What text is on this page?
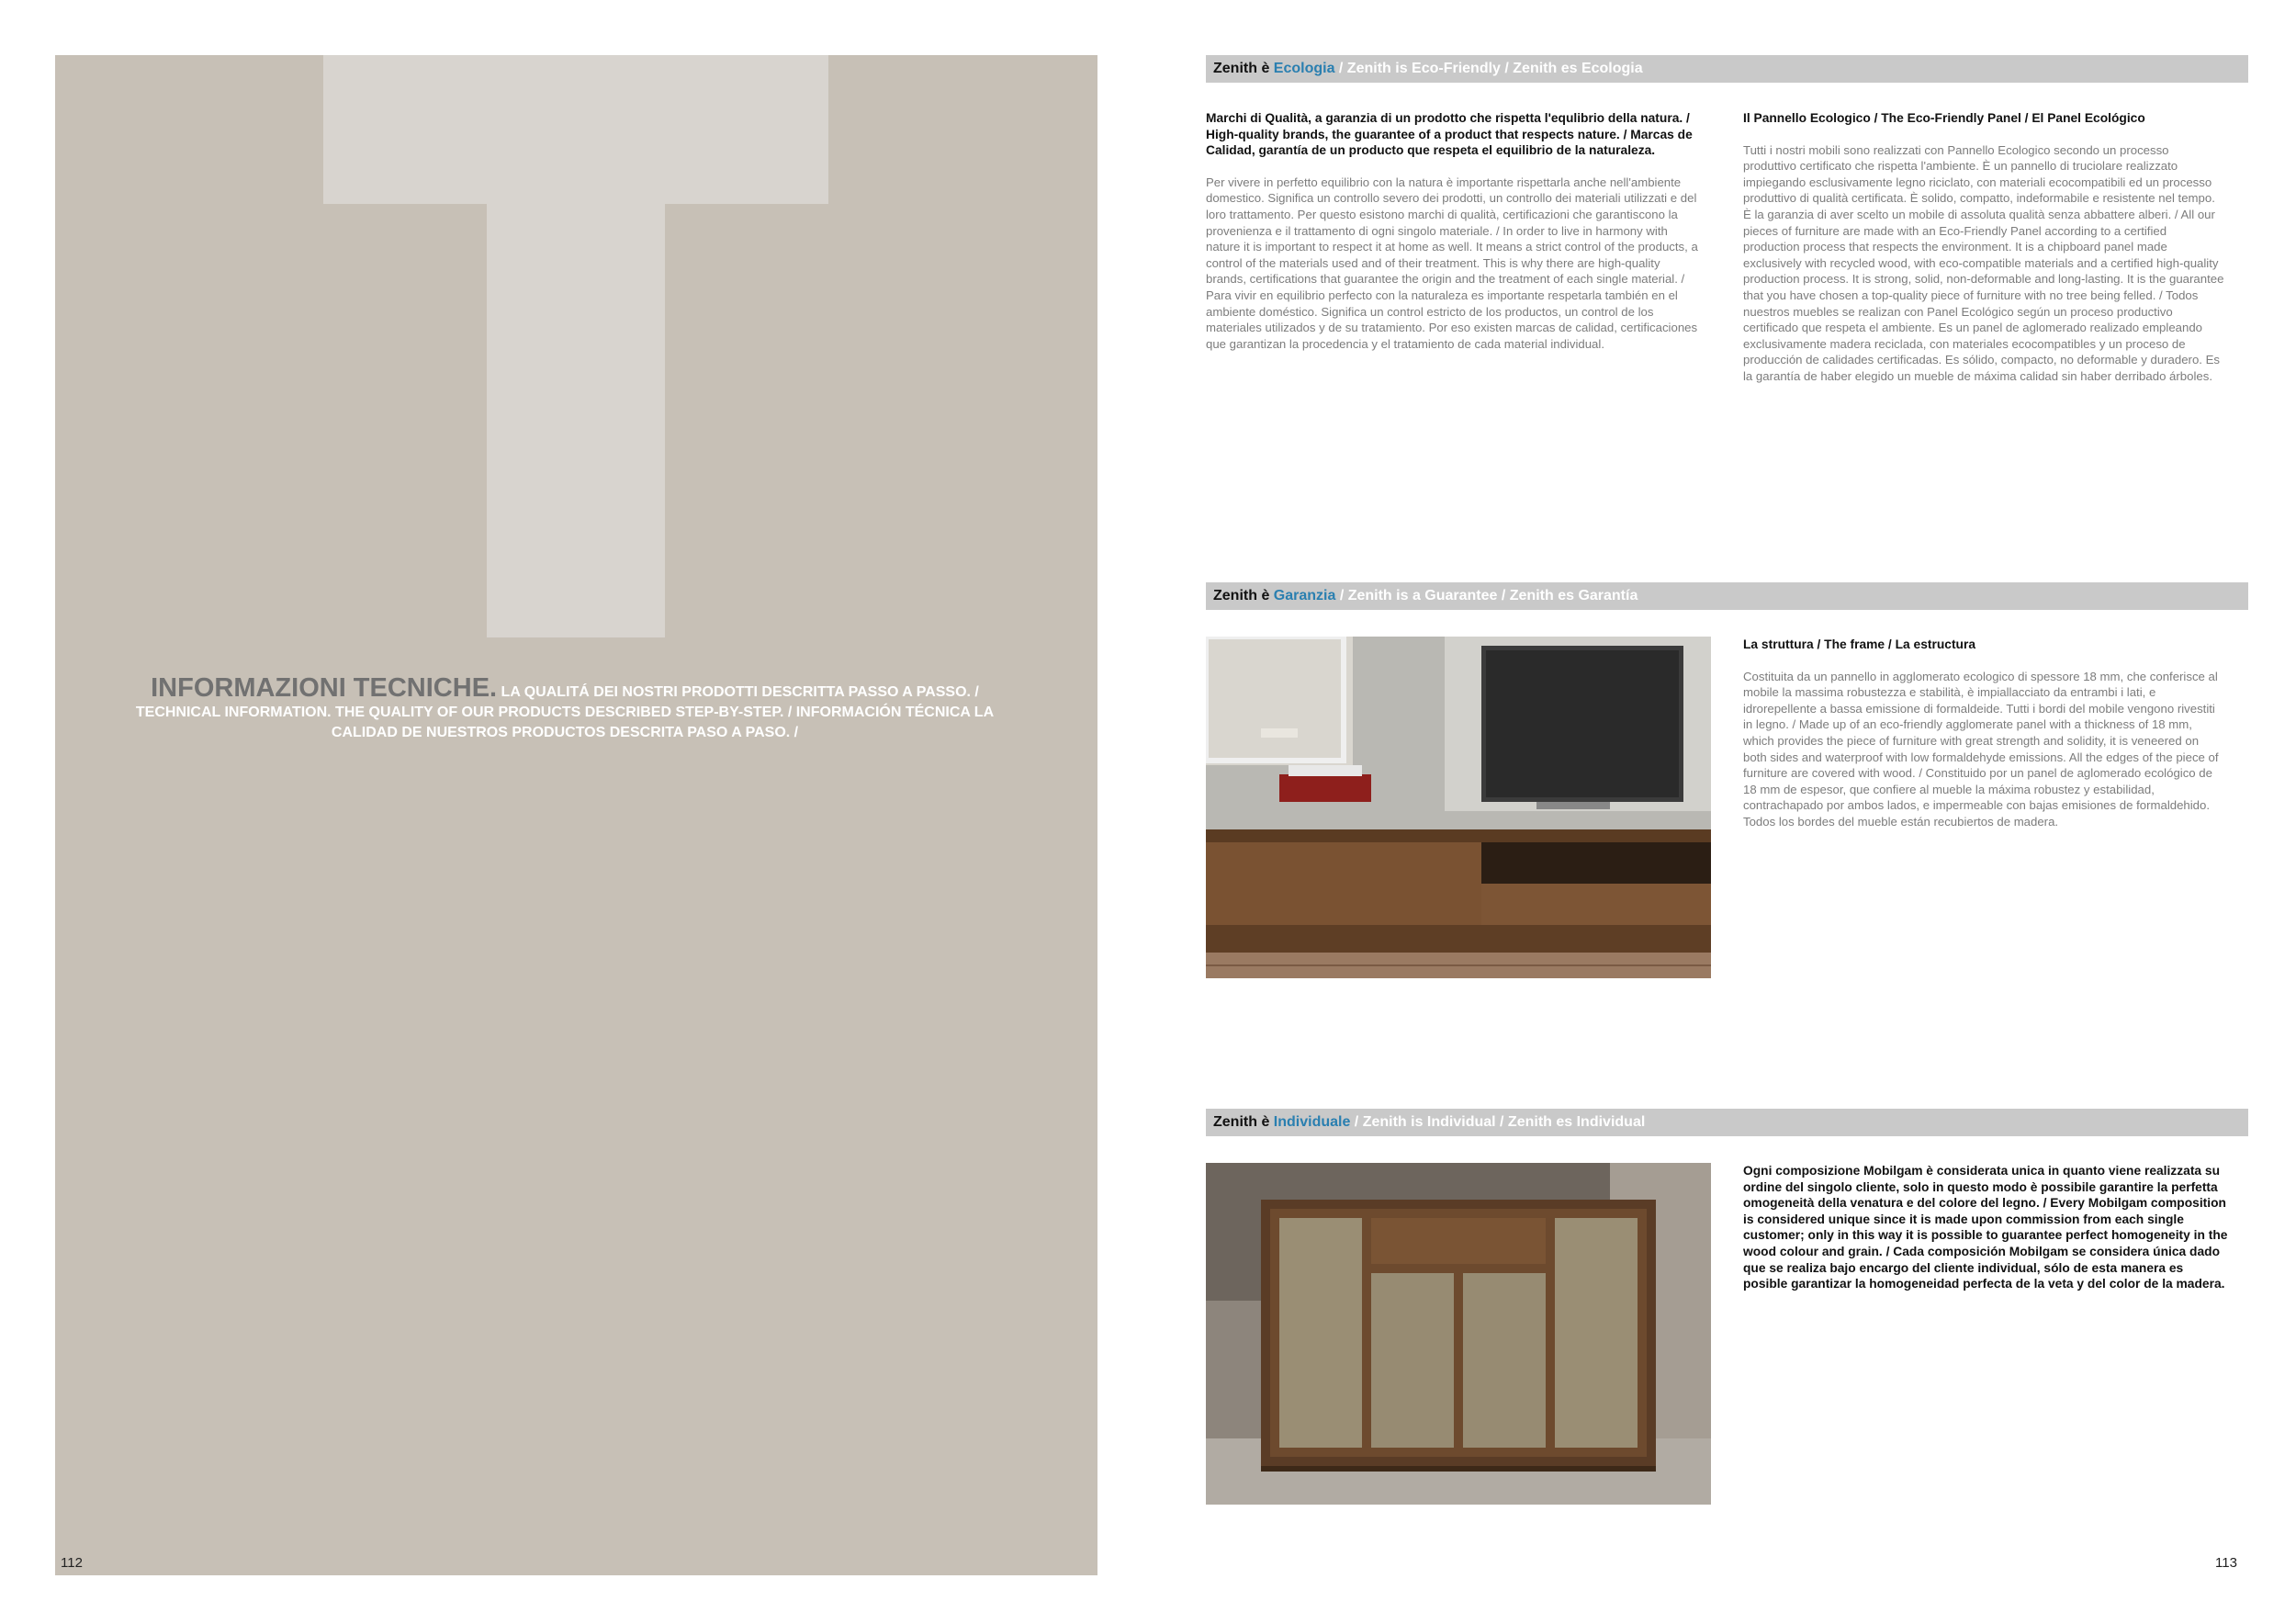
INFORMAZIONI TECNICHE. LA QUALITÁ DEI NOSTRI PRODOTTI DESCRITTA PASSO A PASSO. / TECHNICAL INFORMATION. THE QUALITY OF OUR PRODUCTS DESCRIBED STEP-BY-STEP. / INFORMACIÓN TÉCNICA LA CALIDAD DE NUESTROS PRODUCTOS DESCRITA PASO A PASO. /
112
Zenith è Ecologia / Zenith is Eco-Friendly / Zenith es Ecologia
Marchi di Qualità, a garanzia di un prodotto che rispetta l'equlibrio della natura. / High-quality brands, the guarantee of a product that respects nature. / Marcas de Calidad, garantía de un producto que respeta el equilibrio de la naturaleza.

Per vivere in perfetto equilibrio con la natura è importante rispettarla anche nell'ambiente domestico. Significa un controllo severo dei prodotti, un controllo dei materiali utilizzati e del loro trattamento. Per questo esistono marchi di qualità, certificazioni che garantiscono la provenienza e il trattamento di ogni singolo materiale. / In order to live in harmony with nature it is important to respect it at home as well. It means a strict control of the products, a control of the materials used and of their treatment. This is why there are high-quality brands, certifications that guarantee the origin and the treatment of each single material. / Para vivir en equilibrio perfecto con la naturaleza es importante respetarla también en el ambiente doméstico. Significa un control estricto de los productos, un control de los materiales utilizados y de su tratamiento. Por eso existen marcas de calidad, certificaciones que garantizan la procedencia y el tratamiento de cada material individual.

Il Pannello Ecologico / The Eco-Friendly Panel / El Panel Ecológico

Tutti i nostri mobili sono realizzati con Pannello Ecologico secondo un processo produttivo certificato che rispetta l'ambiente. È un pannello di truciolare realizzato impiegando esclusivamente legno riciclato, con materiali ecocompatibili ed un processo produttivo di qualità certificata. È solido, compatto, indeformabile e resistente nel tempo. È la garanzia di aver scelto un mobile di assoluta qualità senza abbattere alberi. / All our pieces of furniture are made with an Eco-Friendly Panel according to a certified production process that respects the environment. It is a chipboard panel made exclusively with recycled wood, with eco-compatible materials and a certified high-quality production process. It is strong, solid, non-deformable and long-lasting. It is the guarantee that you have chosen a top-quality piece of furniture with no tree being felled. / Todos nuestros muebles se realizan con Panel Ecológico según un proceso productivo certificado que respeta el ambiente. Es un panel de aglomerado realizado empleando exclusivamente madera reciclada, con materiales ecocompatibles y un proceso de producción de calidades certificadas. Es sólido, compacto, no deformable y duradero. Es la garantía de haber elegido un mueble de máxima calidad sin haber derribado árboles.

Zenith è Garanzia / Zenith is a Guarantee / Zenith es Garantía
La struttura / The frame / La estructura

Costituita da un pannello in agglomerato ecologico di spessore 18 mm, che conferisce al mobile la massima robustezza e stabilità, è impiallacciato da entrambi i lati, e idrorepellente a bassa emissione di formaldeide. Tutti i bordi del mobile vengono rivestiti in legno. / Made up of an eco-friendly agglomerate panel with a thickness of 18 mm, which provides the piece of furniture with great strength and solidity, it is veneered on both sides and waterproof with low formaldehyde emissions. All the edges of the piece of furniture are covered with wood. / Constituido por un panel de aglomerado ecológico de 18 mm de espesor, que confiere al mueble la máxima robustez y estabilidad, contrachapado por ambos lados, e impermeable con bajas emisiones de formaldehido. Todos los bordes del mueble están recubiertos de madera.

Zenith è Individuale / Zenith is Individual / Zenith es Individual

Ogni composizione Mobilgam è considerata unica in quanto viene realizzata su ordine del singolo cliente, solo in questo modo è possibile garantire la perfetta omogeneità della venatura e del colore del legno. / Every Mobilgam composition is considered unique since it is made upon commission from each single customer; only in this way it is possible to guarantee perfect homogeneity in the wood colour and grain. / Cada composición Mobilgam se considera única dado que se realiza bajo encargo del cliente individual, sólo de esta manera es posible garantizar la homogeneidad perfecta de la veta y del color de la madera.

113
